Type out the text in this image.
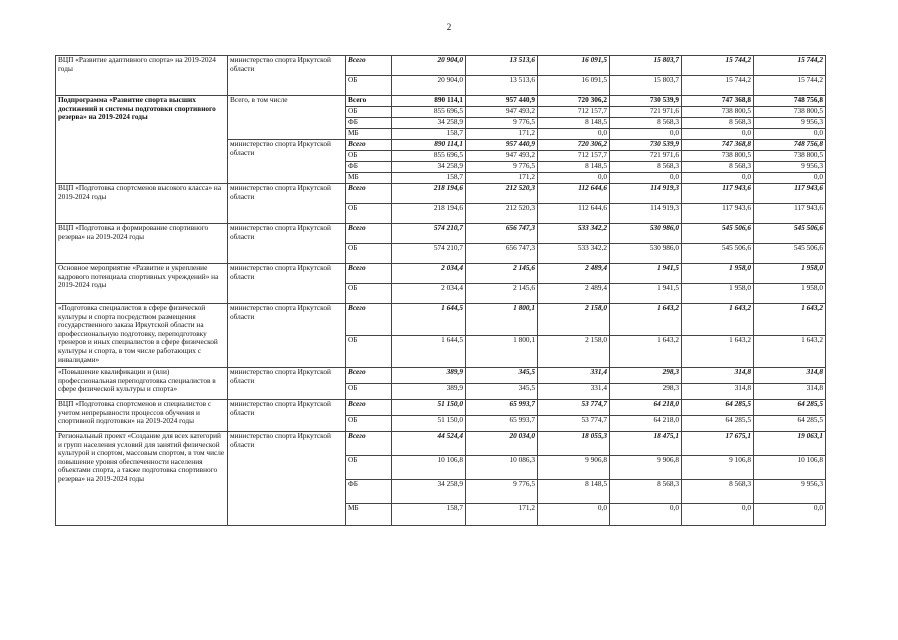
2
ВЦП «Развитие адаптивного спорта» на 2019-2024 годы	министерство спорта Иркутской области	Всего	20 904,0	13 513,6	16 091,5	15 803,7	15 744,2	15 744,2
		ОБ	20 904,0	13 513,6	16 091,5	15 803,7	15 744,2	15 744,2
Подпрограмма «Развитие спорта высших достижений и системы подготовки спортивного резерва» на 2019-2024 годы	Всего, в том числе	Всего	890 114,1	957 440,9	720 306,2	730 539,9	747 368,8	748 756,8
		ОБ	855 696,5	947 493,2	712 157,7	721 971,6	738 800,5	738 800,5
		ФБ	34 258,9	9 776,5	8 148,5	8 568,3	8 568,3	9 956,3
		МБ	158,7	171,2	0,0	0,0	0,0	0,0
	министерство спорта Иркутской области	Всего	890 114,1	957 440,9	720 306,2	730 539,9	747 368,8	748 756,8
		ОБ	855 696,5	947 493,2	712 157,7	721 971,6	738 800,5	738 800,5
		ФБ	34 258,9	9 776,5	8 148,5	8 568,3	8 568,3	9 956,3
		МБ	158,7	171,2	0,0	0,0	0,0	0,0
ВЦП «Подготовка спортсменов высокого класса» на 2019-2024 годы	министерство спорта Иркутской области	Всего	218 194,6	212 520,3	112 644,6	114 919,3	117 943,6	117 943,6
		ОБ	218 194,6	212 520,3	112 644,6	114 919,3	117 943,6	117 943,6
ВЦП «Подготовка и формирование спортивного резерва» на 2019-2024 годы	министерство спорта Иркутской области	Всего	574 210,7	656 747,3	533 342,2	530 986,0	545 506,6	545 506,6
		ОБ	574 210,7	656 747,3	533 342,2	530 986,0	545 506,6	545 506,6
Основное мероприятие «Развитие и укрепление кадрового потенциала спортивных учреждений» на 2019-2024 годы	министерство спорта Иркутской области	Всего	2 034,4	2 145,6	2 489,4	1 941,5	1 958,0	1 958,0
		ОБ	2 034,4	2 145,6	2 489,4	1 941,5	1 958,0	1 958,0
«Подготовка специалистов в сфере физической культуры и спорта посредством размещения государственного заказа Иркутской области на профессиональную подготовку, переподготовку тренеров и иных специалистов в сфере физической культуры и спорта, в том числе работающих с инвалидами»	министерство спорта Иркутской области	Всего	1 644,5	1 800,1	2 158,0	1 643,2	1 643,2	1 643,2
		ОБ	1 644,5	1 800,1	2 158,0	1 643,2	1 643,2	1 643,2
«Повышение квалификации и (или) профессиональная переподготовка специалистов в сфере физической культуры и спорта»	министерство спорта Иркутской области	Всего	389,9	345,5	331,4	298,3	314,8	314,8
		ОБ	389,9	345,5	331,4	298,3	314,8	314,8
ВЦП «Подготовка спортсменов и специалистов с учетом непрерывности процессов обучения и спортивной подготовки» на 2019-2024 годы	министерство спорта Иркутской области	Всего	51 150,0	65 993,7	53 774,7	64 218,0	64 285,5	64 285,5
		ОБ	51 150,0	65 993,7	53 774,7	64 218,0	64 285,5	64 285,5
Региональный проект «Создание для всех категорий и групп населения условий для занятий физической культурой и спортом, массовым спортом, в том числе повышение уровня обеспеченности населения объектами спорта, а также подготовка спортивного резерва» на 2019-2024 годы	министерство спорта Иркутской области	Всего	44 524,4	20 034,0	18 055,3	18 475,1	17 675,1	19 063,1
		ОБ	10 106,8	10 086,3	9 906,8	9 906,8	9 106,8	10 106,8
		ФБ	34 258,9	9 776,5	8 148,5	8 568,3	8 568,3	9 956,3
		МБ	158,7	171,2	0,0	0,0	0,0	0,0
